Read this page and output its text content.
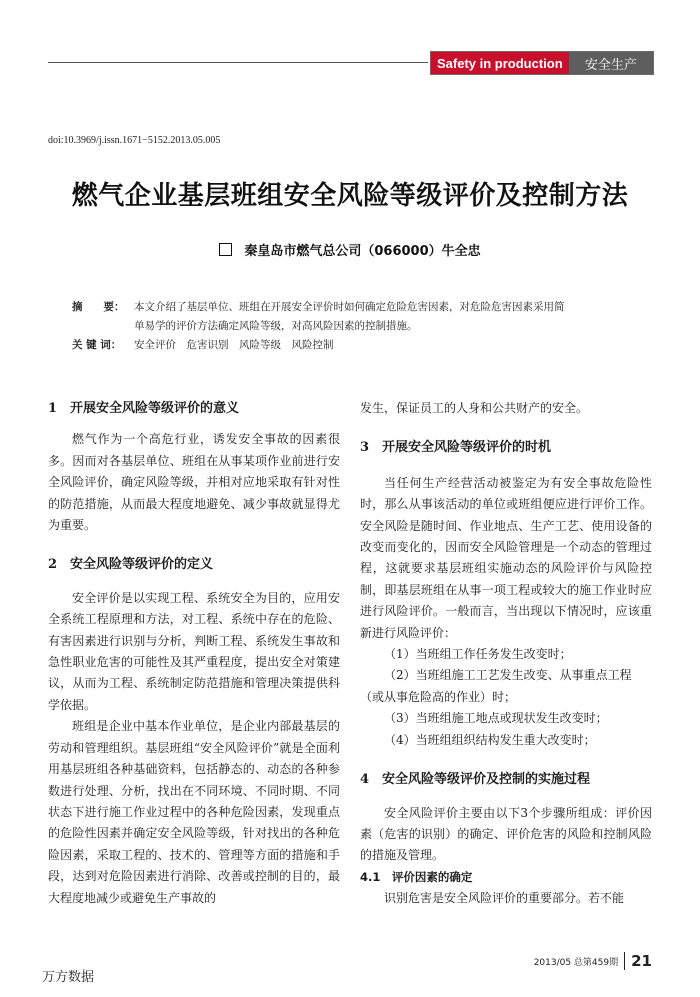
Safety in production	安全生产
doi:10.3969/j.issn.1671−5152.2013.05.005
燃气企业基层班组安全风险等级评价及控制方法
秦皇岛市燃气总公司（066000）牛全忠
摘　　要： 本文介绍了基层单位、班组在开展安全评价时如何确定危险危害因素，对危险危害因素采用简
单易学的评价方法确定风险等级，对高风险因素的控制措施。
关 键 词：	安全评价　危害识别　风险等级　风险控制
1 开展安全风险等级评价的意义

燃气作为一个高危行业，诱发安全事故的因素很多。因而对各基层单位、班组在从事某项作业前进行安全风险评价，确定风险等级，并相对应地采取有针对性的防范措施，从而最大程度地避免、减少事故就显得尤为重要。

2 安全风险等级评价的定义

安全评价是以实现工程、系统安全为目的，应用安全系统工程原理和方法，对工程、系统中存在的危险、有害因素进行识别与分析，判断工程、系统发生事故和急性职业危害的可能性及其严重程度，提出安全对策建议，从而为工程、系统制定防范措施和管理决策提供科学依据。

班组是企业中基本作业单位，是企业内部最基层的劳动和管理组织。基层班组“安全风险评价”就是全面利用基层班组各种基础资料，包括静态的、动态的各种参数进行处理、分析，找出在不同环境、不同时期、不同状态下进行施工作业过程中的各种危险因素，发现重点的危险性因素并确定安全风险等级，针对找出的各种危险因素，采取工程的、技术的、管理等方面的措施和手段，达到对危险因素进行消除、改善或控制的目的，最大程度地减少或避免生产事故的

发生，保证员工的人身和公共财产的安全。

3 开展安全风险等级评价的时机

当任何生产经营活动被鉴定为有安全事故危险性时，那么从事该活动的单位或班组便应进行评价工作。安全风险是随时间、作业地点、生产工艺、使用设备的改变而变化的，因而安全风险管理是一个动态的管理过程，这就要求基层班组实施动态的风险评价与风险控制，即基层班组在从事一项工程或较大的施工作业时应进行风险评价。一般而言，当出现以下情况时，应该重新进行风险评价：

（1）当班组工作任务发生改变时；

（2）当班组施工工艺发生改变、从事重点工程

（或从事危险高的作业）时；

（3）当班组施工地点或现状发生改变时；

（4）当班组组织结构发生重大改变时；

4 安全风险等级评价及控制的实施过程

安全风险评价主要由以下3个步骤所组成：评价因素（危害的识别）的确定、评价危害的风险和控制风险的措施及管理。

4.1　评价因素的确定

识别危害是安全风险评价的重要部分。若不能

2013/05 总第459期 21
万方数据
